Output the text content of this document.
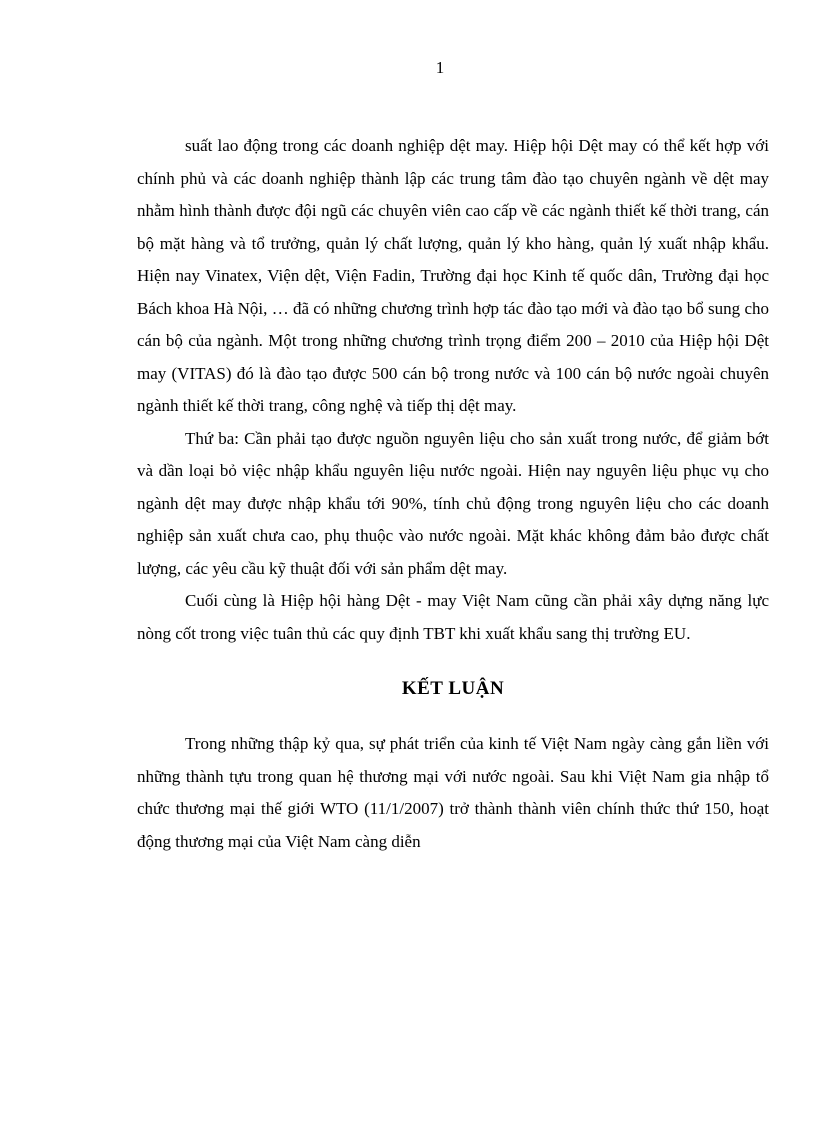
1

suất lao động trong các doanh nghiệp dệt may. Hiệp hội Dệt may có thể kết hợp với chính phủ và các doanh nghiệp thành lập các trung tâm đào tạo chuyên ngành về dệt may nhằm hình thành được đội ngũ các chuyên viên cao cấp về các ngành thiết kế thời trang, cán bộ mặt hàng và tổ trưởng, quản lý chất lượng, quản lý kho hàng, quản lý xuất nhập khẩu. Hiện nay Vinatex, Viện dệt, Viện Fadin, Trường đại học Kinh tế quốc dân, Trường đại học Bách khoa Hà Nội, … đã có những chương trình hợp tác đào tạo mới và đào tạo bổ sung cho cán bộ của ngành. Một trong những chương trình trọng điểm 200 – 2010 của Hiệp hội Dệt may (VITAS) đó là đào tạo được 500 cán bộ trong nước và 100 cán bộ nước ngoài chuyên ngành thiết kế thời trang, công nghệ và tiếp thị dệt may.

Thứ ba: Cần phải tạo được nguồn nguyên liệu cho sản xuất trong nước, để giảm bớt và dần loại bỏ việc nhập khẩu nguyên liệu nước ngoài. Hiện nay nguyên liệu phục vụ cho ngành dệt may được nhập khẩu tới 90%, tính chủ động trong nguyên liệu cho các doanh nghiệp sản xuất chưa cao, phụ thuộc vào nước ngoài. Mặt khác không đảm bảo được chất lượng, các yêu cầu kỹ thuật đối với sản phẩm dệt may.

Cuối cùng là Hiệp hội hàng Dệt - may Việt Nam cũng cần phải xây dựng năng lực nòng cốt trong việc tuân thủ các quy định TBT khi xuất khẩu sang thị trường EU.

KẾT LUẬN

Trong những thập kỷ qua, sự phát triển của kinh tế Việt Nam ngày càng gắn liền với những thành tựu trong quan hệ thương mại với nước ngoài. Sau khi Việt Nam gia nhập tổ chức thương mại thế giới WTO (11/1/2007) trở thành thành viên chính thức thứ 150, hoạt động thương mại của Việt Nam càng diễn
